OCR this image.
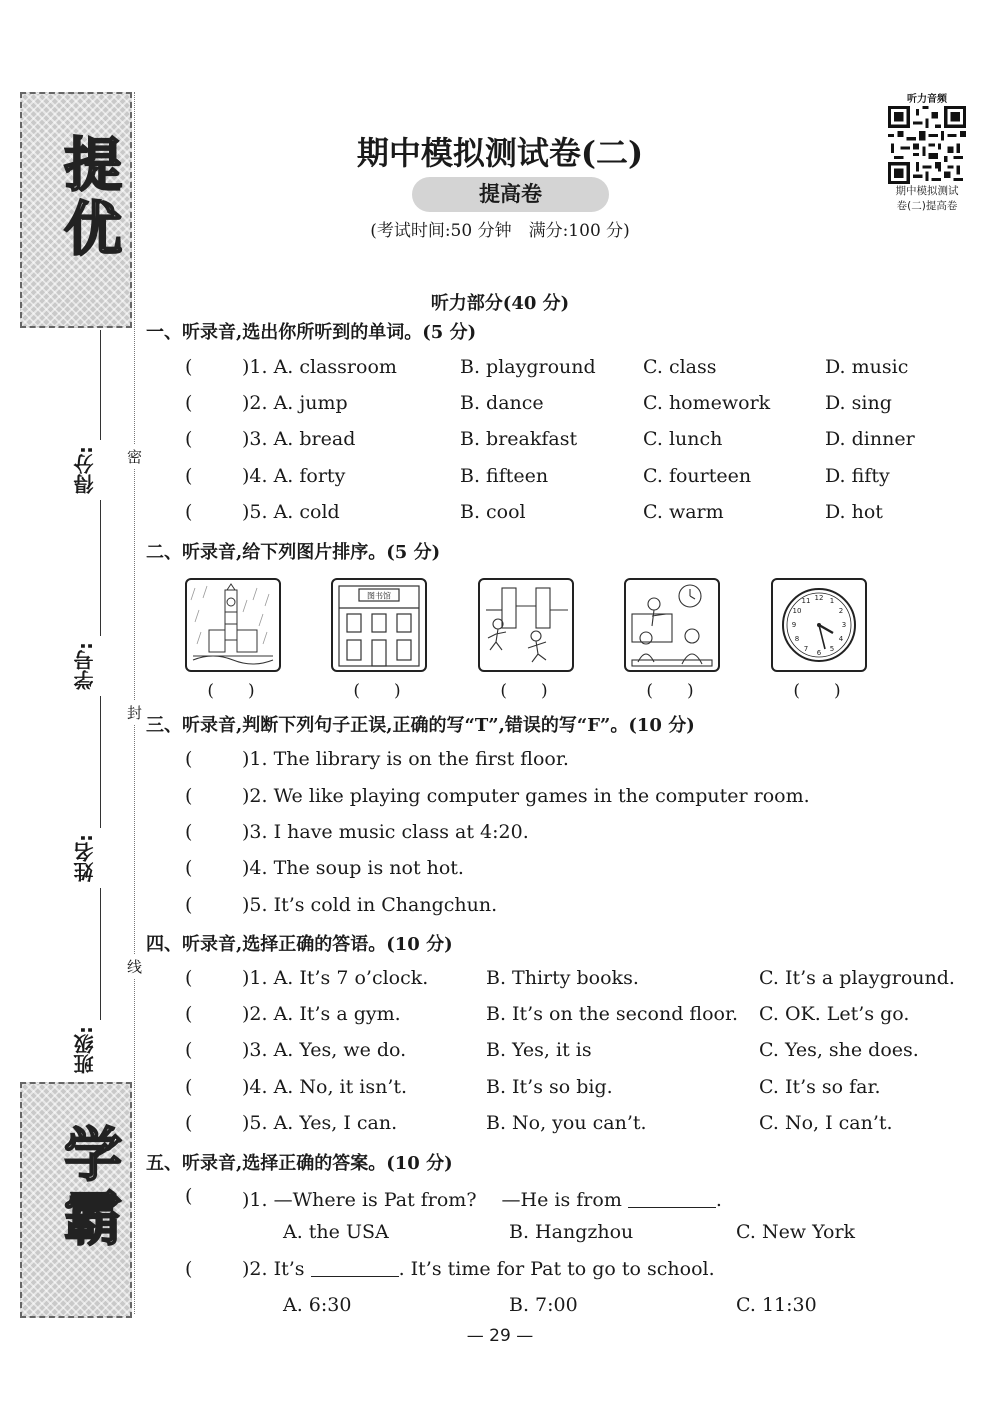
提优
学霸
得分:
学号:
姓名:
班级:
密
封
线
期中模拟测试卷(二)
提高卷
(考试时间:50 分钟　满分:100 分)
听力音频
期中模拟测试
卷(二)提高卷
听力部分(40 分)
一、听录音,选出你所听到的单词。(5 分)
(	)1. A. classroom	B. playground C. class	D. music
(	)2. A. jump	B. dance	C. homework	D. sing
(	)3. A. bread	B. breakfast	C. lunch	D. dinner
(	)4. A. forty	B. fifteen	C. fourteen	D. fifty
(	)5. A. cold	B. cool	C. warm	D. hot
二、听录音,给下列图片排序。(5 分)
图书馆	12 1
2
3
4
5
6
7
8
9
10
11
(　　)	(　　)	(　　)	(　　)	(　　)
三、听录音,判断下列句子正误,正确的写“T”,错误的写“F”。(10 分)
(	)1. The library is on the first floor.
(	)2. We like playing computer games in the computer room.
(	)3. I have music class at 4:20.
(	)4. The soup is not hot.
(	)5. It’s cold in Changchun.
四、听录音,选择正确的答语。(10 分)
(	)1. A. It’s 7 o’clock.	B. Thirty books.	C. It’s a playground.
(	)2. A. It’s a gym.	B. It’s on the second floor. C. OK. Let’s go.
(	)3. A. Yes, we do.	B. Yes, it is	C. Yes, she does.
(	)4. A. No, it isn’t.	B. It’s so big.	C. It’s so far.
(	)5. A. Yes, I can.	B. No, you can’t.	C. No, I can’t.
五、听录音,选择正确的答案。(10 分)
(	)1. —Where is Pat from?　 —He is from	.
A. the USA	B. Hangzhou	C. New York
(	)2. It’s	. It’s time for Pat to go to school.
A. 6:30	B. 7:00	C. 11:30
— 29 —
